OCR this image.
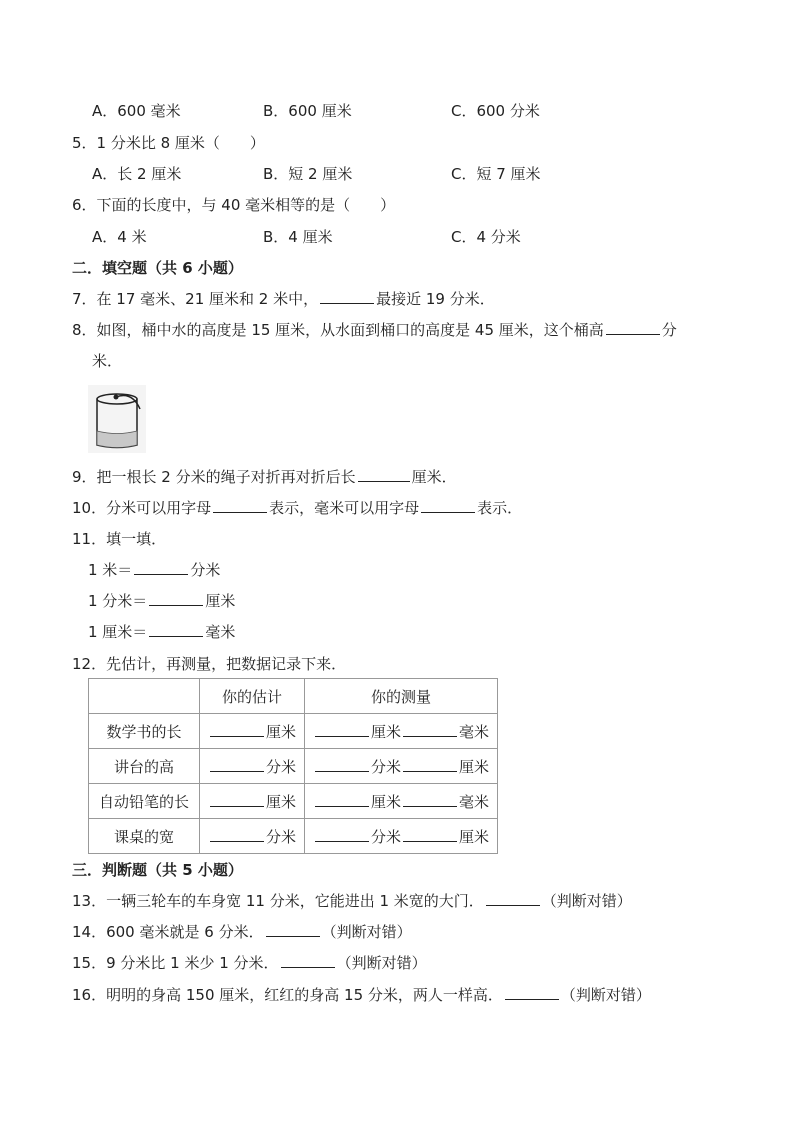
A．600 毫米	B．600 厘米	C．600 分米
5．1 分米比 8 厘米（　　）
A．长 2 厘米	B．短 2 厘米	C．短 7 厘米
6．下面的长度中，与 40 毫米相等的是（　　）
A．4 米	B．4 厘米	C．4 分米
二．填空题（共 6 小题）
7．在 17 毫米、21 厘米和 2 米中，	最接近 19 分米．
8．如图，桶中水的高度是 15 厘米，从水面到桶口的高度是 45 厘米，这个桶高	分
米．
9．把一根长 2 分米的绳子对折再对折后长	厘米．
10．分米可以用字母	表示，毫米可以用字母	表示．
11．填一填．
1 米＝	分米
1 分米＝	厘米
1 厘米＝	毫米
12．先估计，再测量，把数据记录下来．
	你的估计	你的测量
数学书的长	厘米	厘米 毫米
讲台的高	分米	分米 厘米
自动铅笔的长	厘米	厘米 毫米
课桌的宽	分米	分米 厘米
三．判断题（共 5 小题）
13．一辆三轮车的车身宽 11 分米，它能进出 1 米宽的大门．	（判断对错）
14．600 毫米就是 6 分米．	（判断对错）
15．9 分米比 1 米少 1 分米．	（判断对错）
16．明明的身高 150 厘米，红红的身高 15 分米，两人一样高．	（判断对错）
